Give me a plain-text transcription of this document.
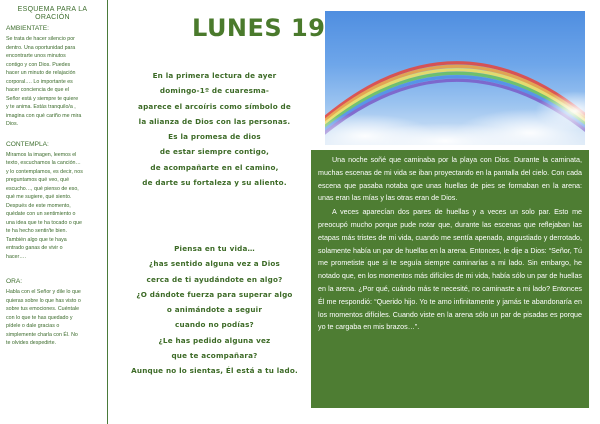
ESQUEMA PARA LA ORACIÓN
AMBIENTATE:
Se trata de hacer silencio por
dentro. Una oportunidad para
encontrarte unos minutos
contigo y con Dios. Puedes
hacer un minuto de relajación
corporal…. Lo importante es
hacer conciencia de que el
Señor está y siempre te quiere
y te anima. Estás tranquilo/a ,
imagina con qué cariño me mira
Dios.
CONTEMPLA:
Miramos la imagen, leemos el
texto, escuchamos la canción…
y lo contemplamos, es decir, nos
preguntamos qué veo, qué
escucho…, qué pienso de eso,
qué me sugiere, qué siento.
Después de este momento,
quédate con un sentimiento o
una idea que te ha tocado o que
te ha hecho sentir/te bien.
También algo que te haya
entrado ganas de vivir o
hacer….
ORA:
Habla con el Señor y dile lo que
quieras sobre lo que has visto o
sobre tus emociones. Cuéntale
con lo que te has quedado y
pídele o dale gracias o
simplemente charla con Él. No
te olvides despedirte.
LUNES 19
En la primera lectura de ayer
domingo-1º de cuaresma-
aparece el arcoíris como símbolo de
la alianza de Dios con las personas.
Es la promesa de dios
de estar siempre contigo,
de acompañarte en el camino,
de darte su fortaleza y su aliento.
Piensa en tu vida…
¿has sentido alguna vez a Dios
cerca de ti ayudándote en algo?
¿O dándote fuerza para superar algo
o animándote a seguir
cuando no podías?
¿Le has pedido alguna vez
que te acompañara?
Aunque no lo sientas, Él está a tu lado.

Una noche soñé que caminaba por la playa con Dios. Durante la caminata, muchas escenas de mi vida se iban proyectando en la pantalla del cielo. Con cada escena que pasaba notaba que unas huellas de pies se formaban en la arena: unas eran las mías y las otras eran de Dios.

A veces aparecían dos pares de huellas y a veces un solo par. Esto me preocupó mucho porque pude notar que, durante las escenas que reflejaban las etapas más tristes de mi vida, cuando me sentía apenado, angustiado y derrotado, solamente había un par de huellas en la arena. Entonces, le dije a Dios: “Señor, Tú me prometiste que si te seguía siempre caminarías a mi lado. Sin embargo, he notado que, en los momentos más difíciles de mi vida, había sólo un par de huellas en la arena. ¿Por qué, cuándo más te necesité, no caminaste a mi lado? Entonces Él me respondió: “Querido hijo. Yo te amo infinitamente y jamás te abandonaría en los momentos difíciles. Cuando viste en la arena sólo un par de pisadas es porque yo te cargaba en mis brazos…”.
